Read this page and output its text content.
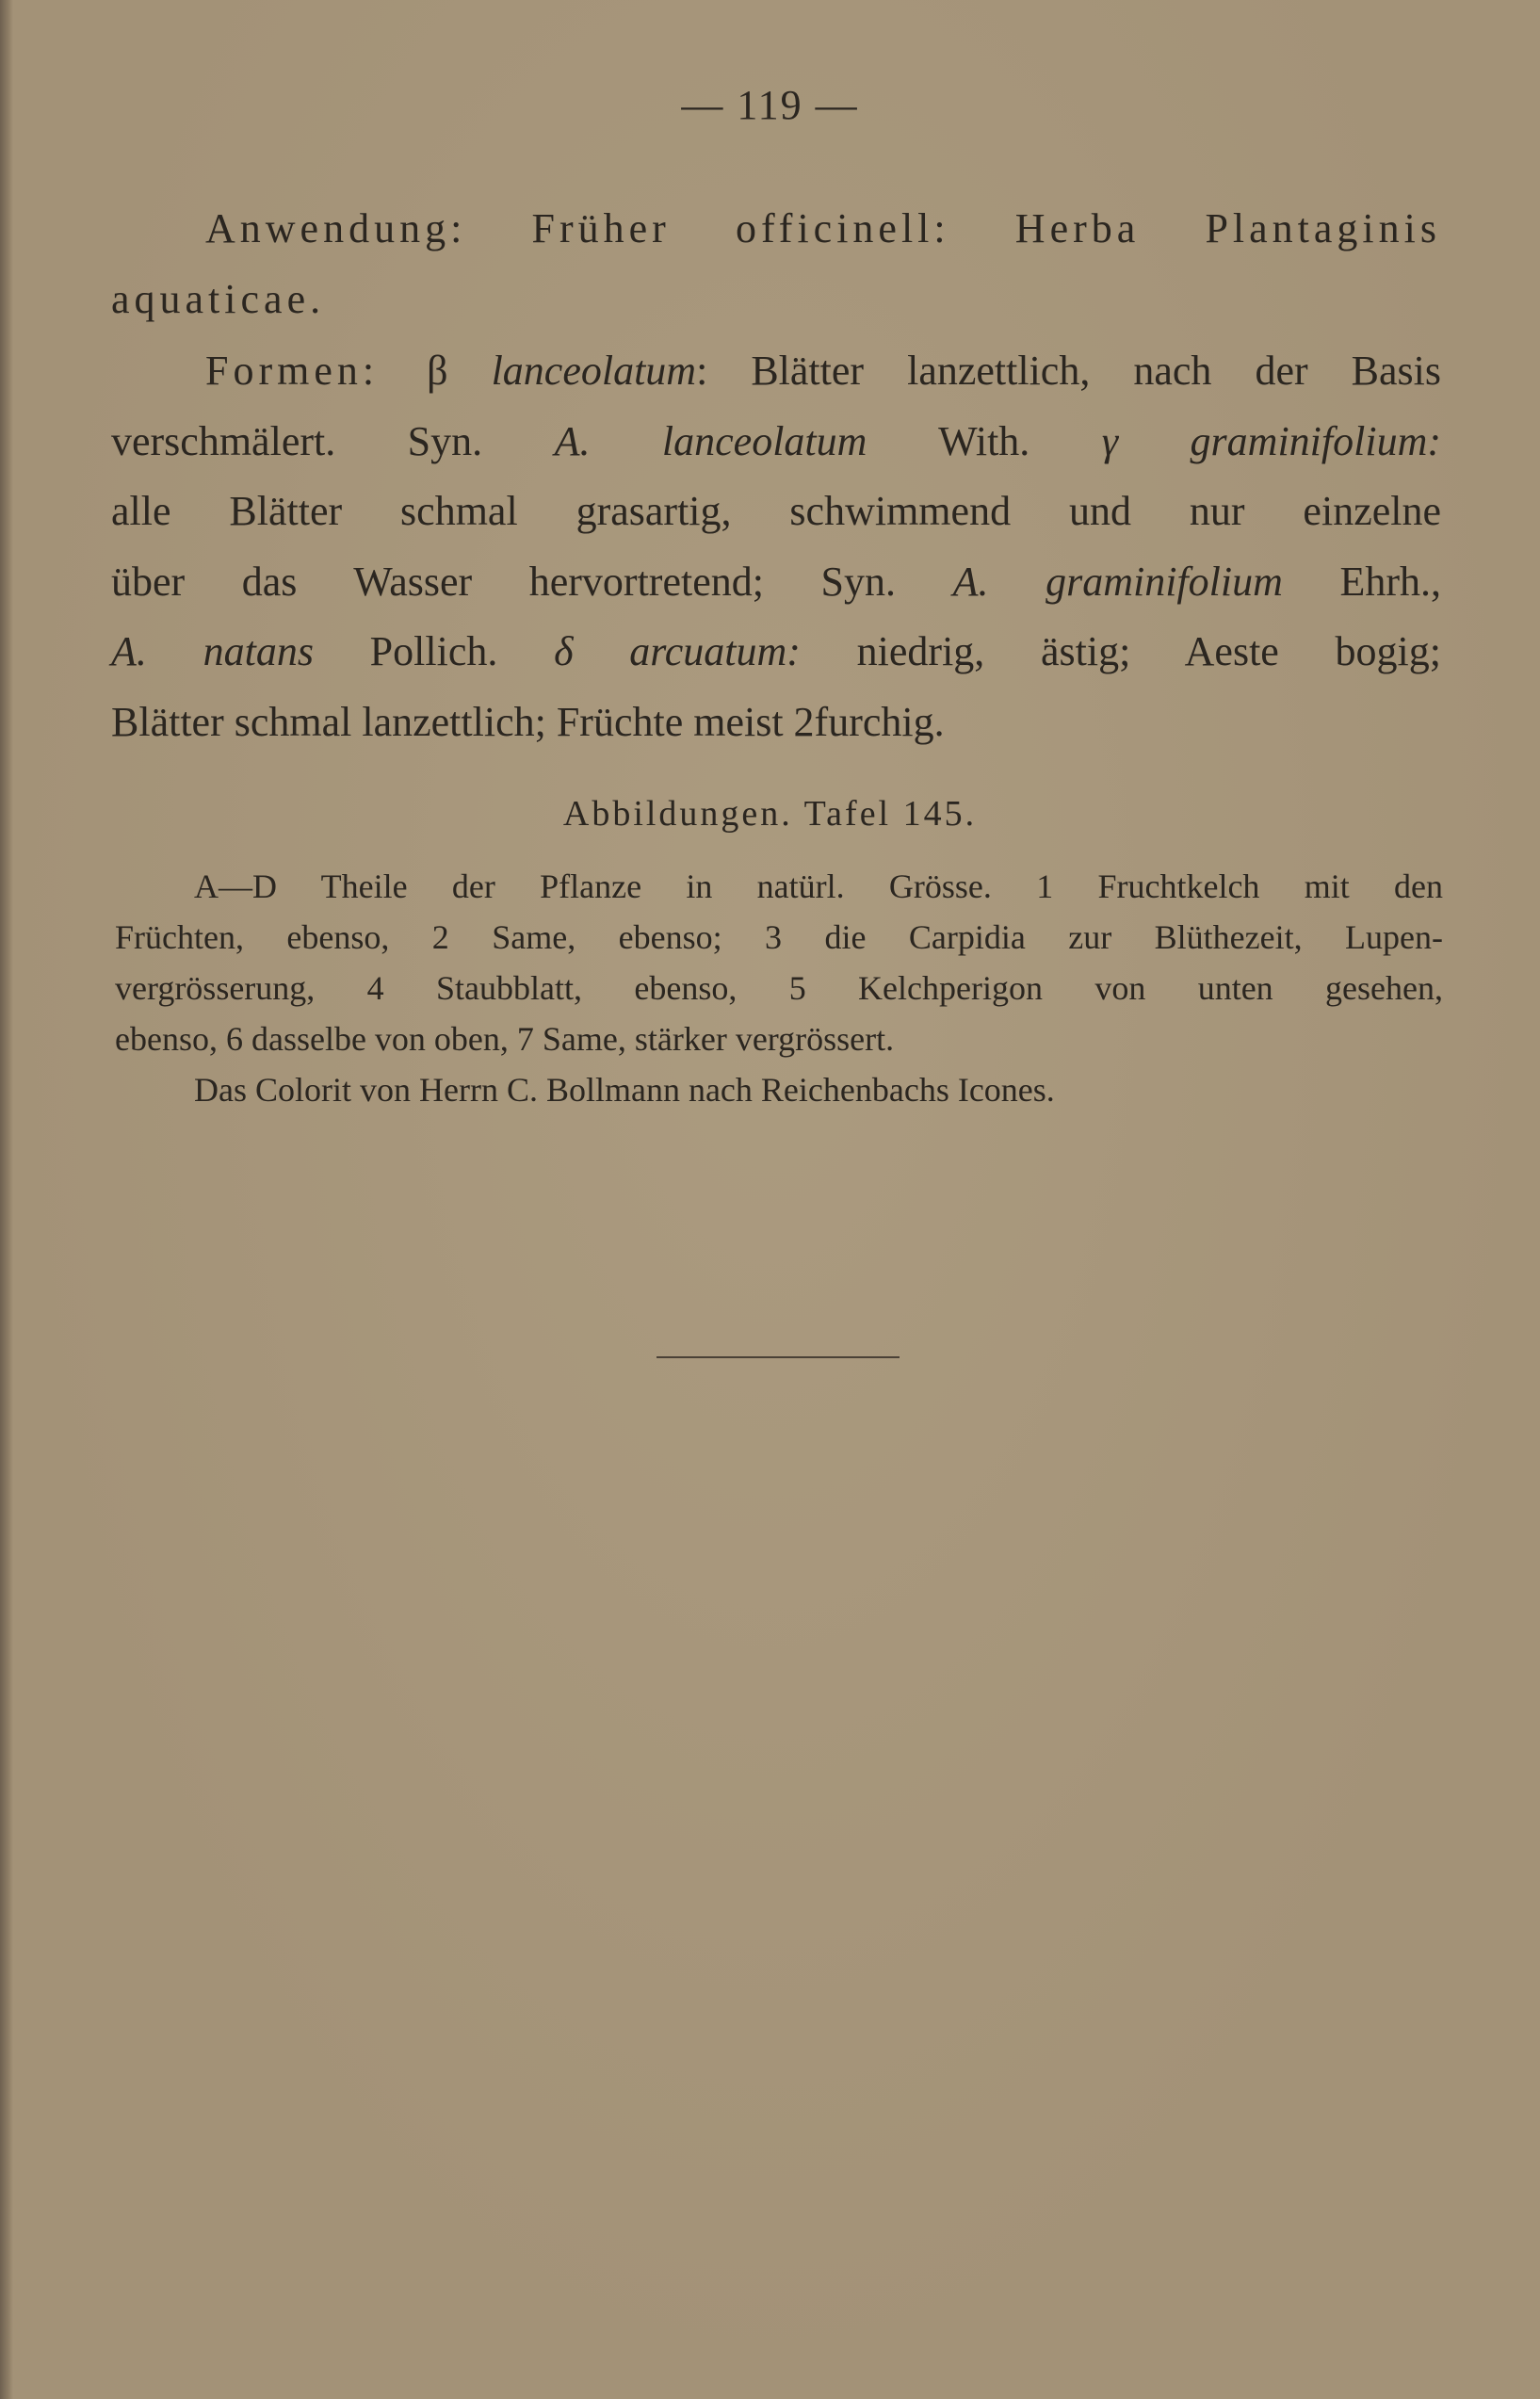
— 119 —
Anwendung: Früher officinell: Herba Plantaginis
aquaticae.
Formen: β lanceolatum: Blätter lanzettlich, nach der Basis
verschmälert. Syn. A. lanceolatum With. γ graminifolium:
alle Blätter schmal grasartig, schwimmend und nur einzelne
über das Wasser hervortretend; Syn. A. graminifolium Ehrh.,
A. natans Pollich. δ arcuatum: niedrig, ästig; Aeste bogig;
Blätter schmal lanzettlich; Früchte meist 2furchig.
Abbildungen. Tafel 145.
A—D Theile der Pflanze in natürl. Grösse. 1 Fruchtkelch mit den
Früchten, ebenso, 2 Same, ebenso; 3 die Carpidia zur Blüthezeit, Lupen-
vergrösserung, 4 Staubblatt, ebenso, 5 Kelchperigon von unten gesehen,
ebenso, 6 dasselbe von oben, 7 Same, stärker vergrössert.
Das Colorit von Herrn C. Bollmann nach Reichenbachs Icones.
